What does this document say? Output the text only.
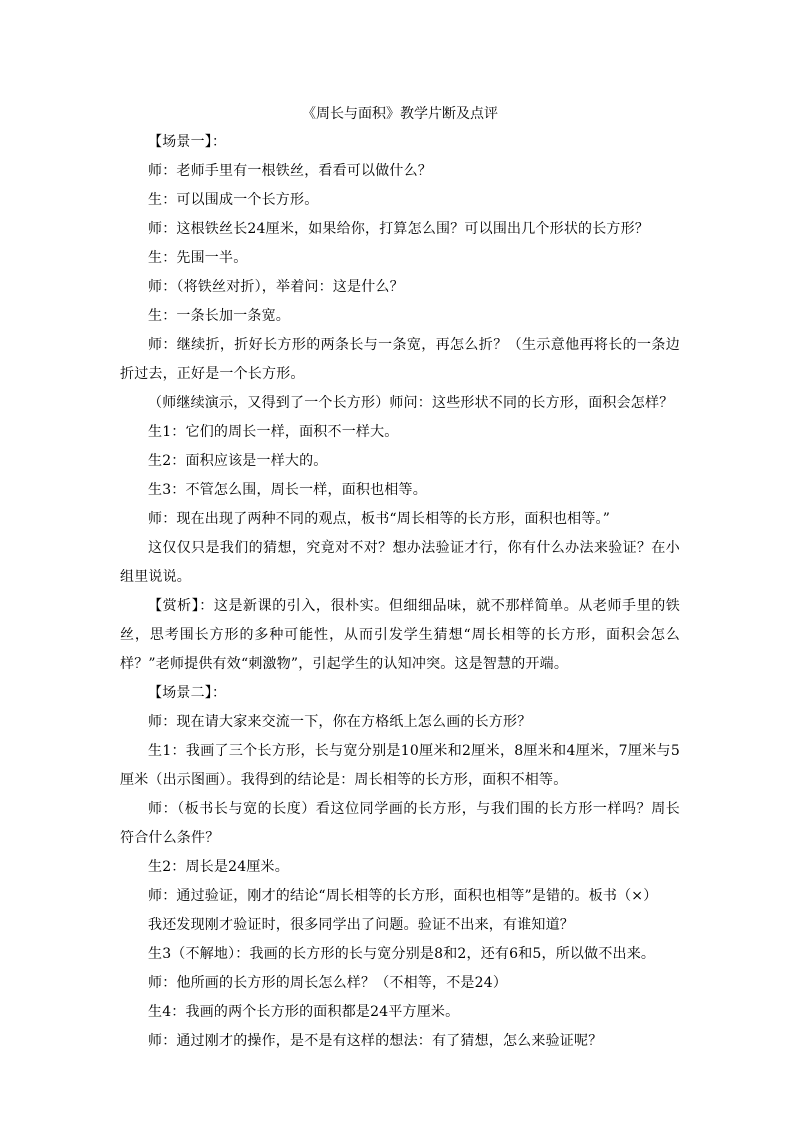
《周长与面积》教学片断及点评

【场景一】：

师：老师手里有一根铁丝，看看可以做什么？

生：可以围成一个长方形。

师：这根铁丝长24厘米，如果给你，打算怎么围？可以围出几个形状的长方形？

生：先围一半。

师：（将铁丝对折），举着问：这是什么？

生：一条长加一条宽。

师：继续折，折好长方形的两条长与一条宽，再怎么折？（生示意他再将长的一条边折过去，正好是一个长方形。

（师继续演示，又得到了一个长方形）师问：这些形状不同的长方形，面积会怎样？

生1：它们的周长一样，面积不一样大。

生2：面积应该是一样大的。

生3：不管怎么围，周长一样，面积也相等。

师：现在出现了两种不同的观点，板书“周长相等的长方形，面积也相等。”

这仅仅只是我们的猜想，究竟对不对？想办法验证才行，你有什么办法来验证？在小组里说说。

【赏析】：这是新课的引入，很朴实。但细细品味，就不那样简单。从老师手里的铁丝，思考围长方形的多种可能性，从而引发学生猜想“周长相等的长方形，面积会怎么样？”老师提供有效“刺激物”，引起学生的认知冲突。这是智慧的开端。

【场景二】：

师：现在请大家来交流一下，你在方格纸上怎么画的长方形？

生1：我画了三个长方形，长与宽分别是10厘米和2厘米，8厘米和4厘米，7厘米与5厘米（出示图画）。我得到的结论是：周长相等的长方形，面积不相等。

师：（板书长与宽的长度）看这位同学画的长方形，与我们围的长方形一样吗？周长符合什么条件？

生2：周长是24厘米。

师：通过验证，刚才的结论“周长相等的长方形，面积也相等”是错的。板书（×）

我还发现刚才验证时，很多同学出了问题。验证不出来，有谁知道？

生3（不解地）：我画的长方形的长与宽分别是8和2，还有6和5，所以做不出来。

师：他所画的长方形的周长怎么样？（不相等，不是24）

生4：我画的两个长方形的面积都是24平方厘米。

师：通过刚才的操作，是不是有这样的想法：有了猜想，怎么来验证呢？
